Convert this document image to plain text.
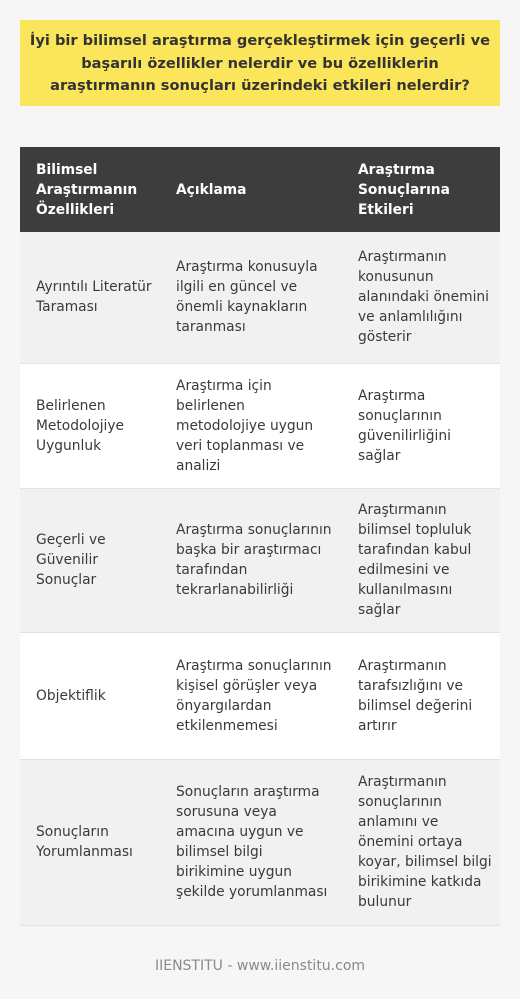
İyi bir bilimsel araştırma gerçekleştirmek için geçerli ve başarılı özellikler nelerdir ve bu özelliklerin araştırmanın sonuçları üzerindeki etkileri nelerdir?
Bilimsel Araştırmanın Özellikleri	Açıklama	Araştırma Sonuçlarına Etkileri
Ayrıntılı Literatür Taraması	Araştırma konusuyla ilgili en güncel ve önemli kaynakların taranması	Araştırmanın konusunun alanındaki önemini ve anlamlılığını gösterir
Belirlenen Metodolojiye Uygunluk	Araştırma için belirlenen metodolojiye uygun veri toplanması ve analizi	Araştırma sonuçlarının güvenilirliğini sağlar
Geçerli ve Güvenilir Sonuçlar	Araştırma sonuçlarının başka bir araştırmacı tarafından tekrarlanabilirliği	Araştırmanın bilimsel topluluk tarafından kabul edilmesini ve kullanılmasını sağlar
Objektiflik	Araştırma sonuçlarının kişisel görüşler veya önyargılardan etkilenmemesi	Araştırmanın tarafsızlığını ve bilimsel değerini artırır
Sonuçların Yorumlanması	Sonuçların araştırma sorusuna veya amacına uygun ve bilimsel bilgi birikimine uygun şekilde yorumlanması	Araştırmanın sonuçlarının anlamını ve önemini ortaya koyar, bilimsel bilgi birikimine katkıda bulunur
IIENSTITU - www.iienstitu.com
